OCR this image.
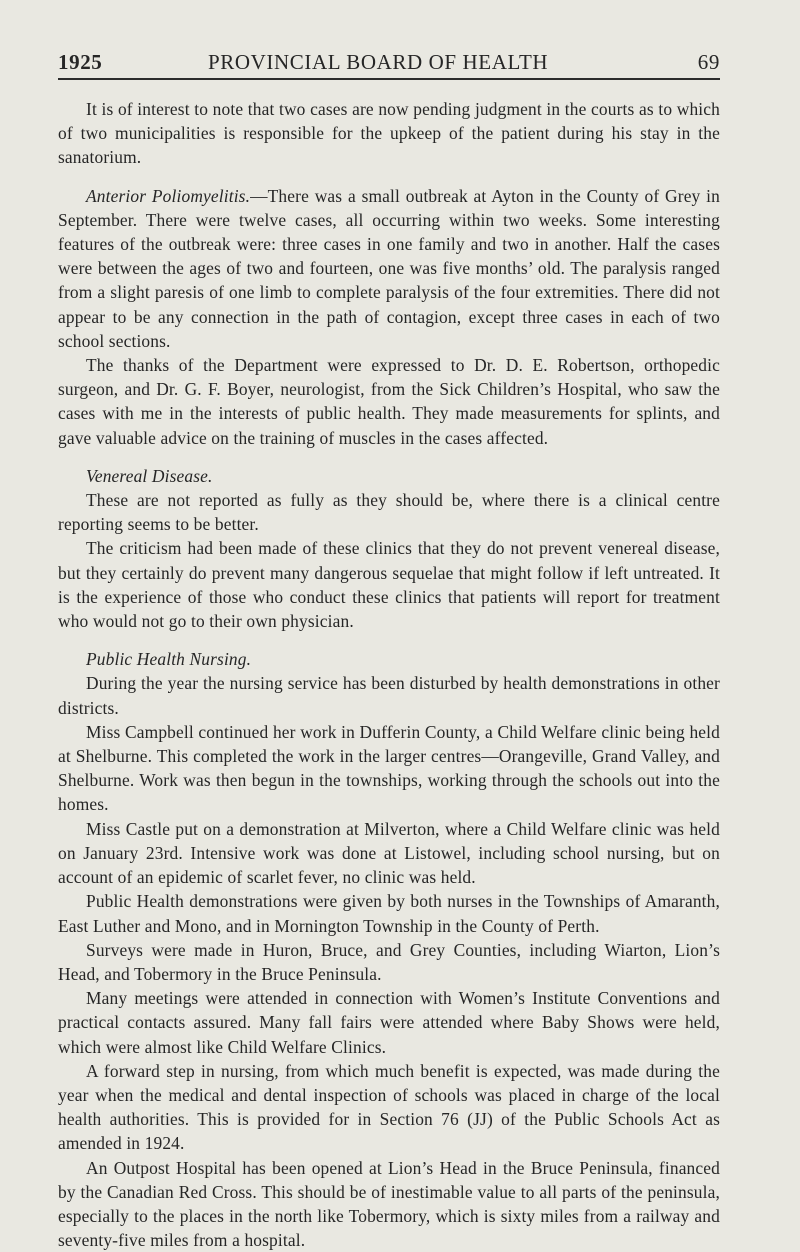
1925	PROVINCIAL BOARD OF HEALTH	69

It is of interest to note that two cases are now pending judgment in the courts as to which of two municipalities is responsible for the upkeep of the patient during his stay in the sanatorium.

Anterior Poliomyelitis.—There was a small outbreak at Ayton in the County of Grey in September. There were twelve cases, all occurring within two weeks. Some interesting features of the outbreak were: three cases in one family and two in another. Half the cases were between the ages of two and fourteen, one was five months’ old. The paralysis ranged from a slight paresis of one limb to complete paralysis of the four extremities. There did not appear to be any connection in the path of contagion, except three cases in each of two school sections.

The thanks of the Department were expressed to Dr. D. E. Robertson, orthopedic surgeon, and Dr. G. F. Boyer, neurologist, from the Sick Children’s Hospital, who saw the cases with me in the interests of public health. They made measurements for splints, and gave valuable advice on the training of muscles in the cases affected.

Venereal Disease.

These are not reported as fully as they should be, where there is a clinical centre reporting seems to be better.

The criticism had been made of these clinics that they do not prevent venereal disease, but they certainly do prevent many dangerous sequelae that might follow if left untreated. It is the experience of those who conduct these clinics that patients will report for treatment who would not go to their own physician.

Public Health Nursing.

During the year the nursing service has been disturbed by health demonstrations in other districts.

Miss Campbell continued her work in Dufferin County, a Child Welfare clinic being held at Shelburne. This completed the work in the larger centres—Orangeville, Grand Valley, and Shelburne. Work was then begun in the townships, working through the schools out into the homes.

Miss Castle put on a demonstration at Milverton, where a Child Welfare clinic was held on January 23rd. Intensive work was done at Listowel, including school nursing, but on account of an epidemic of scarlet fever, no clinic was held.

Public Health demonstrations were given by both nurses in the Townships of Amaranth, East Luther and Mono, and in Mornington Township in the County of Perth.

Surveys were made in Huron, Bruce, and Grey Counties, including Wiarton, Lion’s Head, and Tobermory in the Bruce Peninsula.

Many meetings were attended in connection with Women’s Institute Conventions and practical contacts assured. Many fall fairs were attended where Baby Shows were held, which were almost like Child Welfare Clinics.

A forward step in nursing, from which much benefit is expected, was made during the year when the medical and dental inspection of schools was placed in charge of the local health authorities. This is provided for in Section 76 (JJ) of the Public Schools Act as amended in 1924.

An Outpost Hospital has been opened at Lion’s Head in the Bruce Peninsula, financed by the Canadian Red Cross. This should be of inestimable value to all parts of the peninsula, especially to the places in the north like Tobermory, which is sixty miles from a railway and seventy-five miles from a hospital.
